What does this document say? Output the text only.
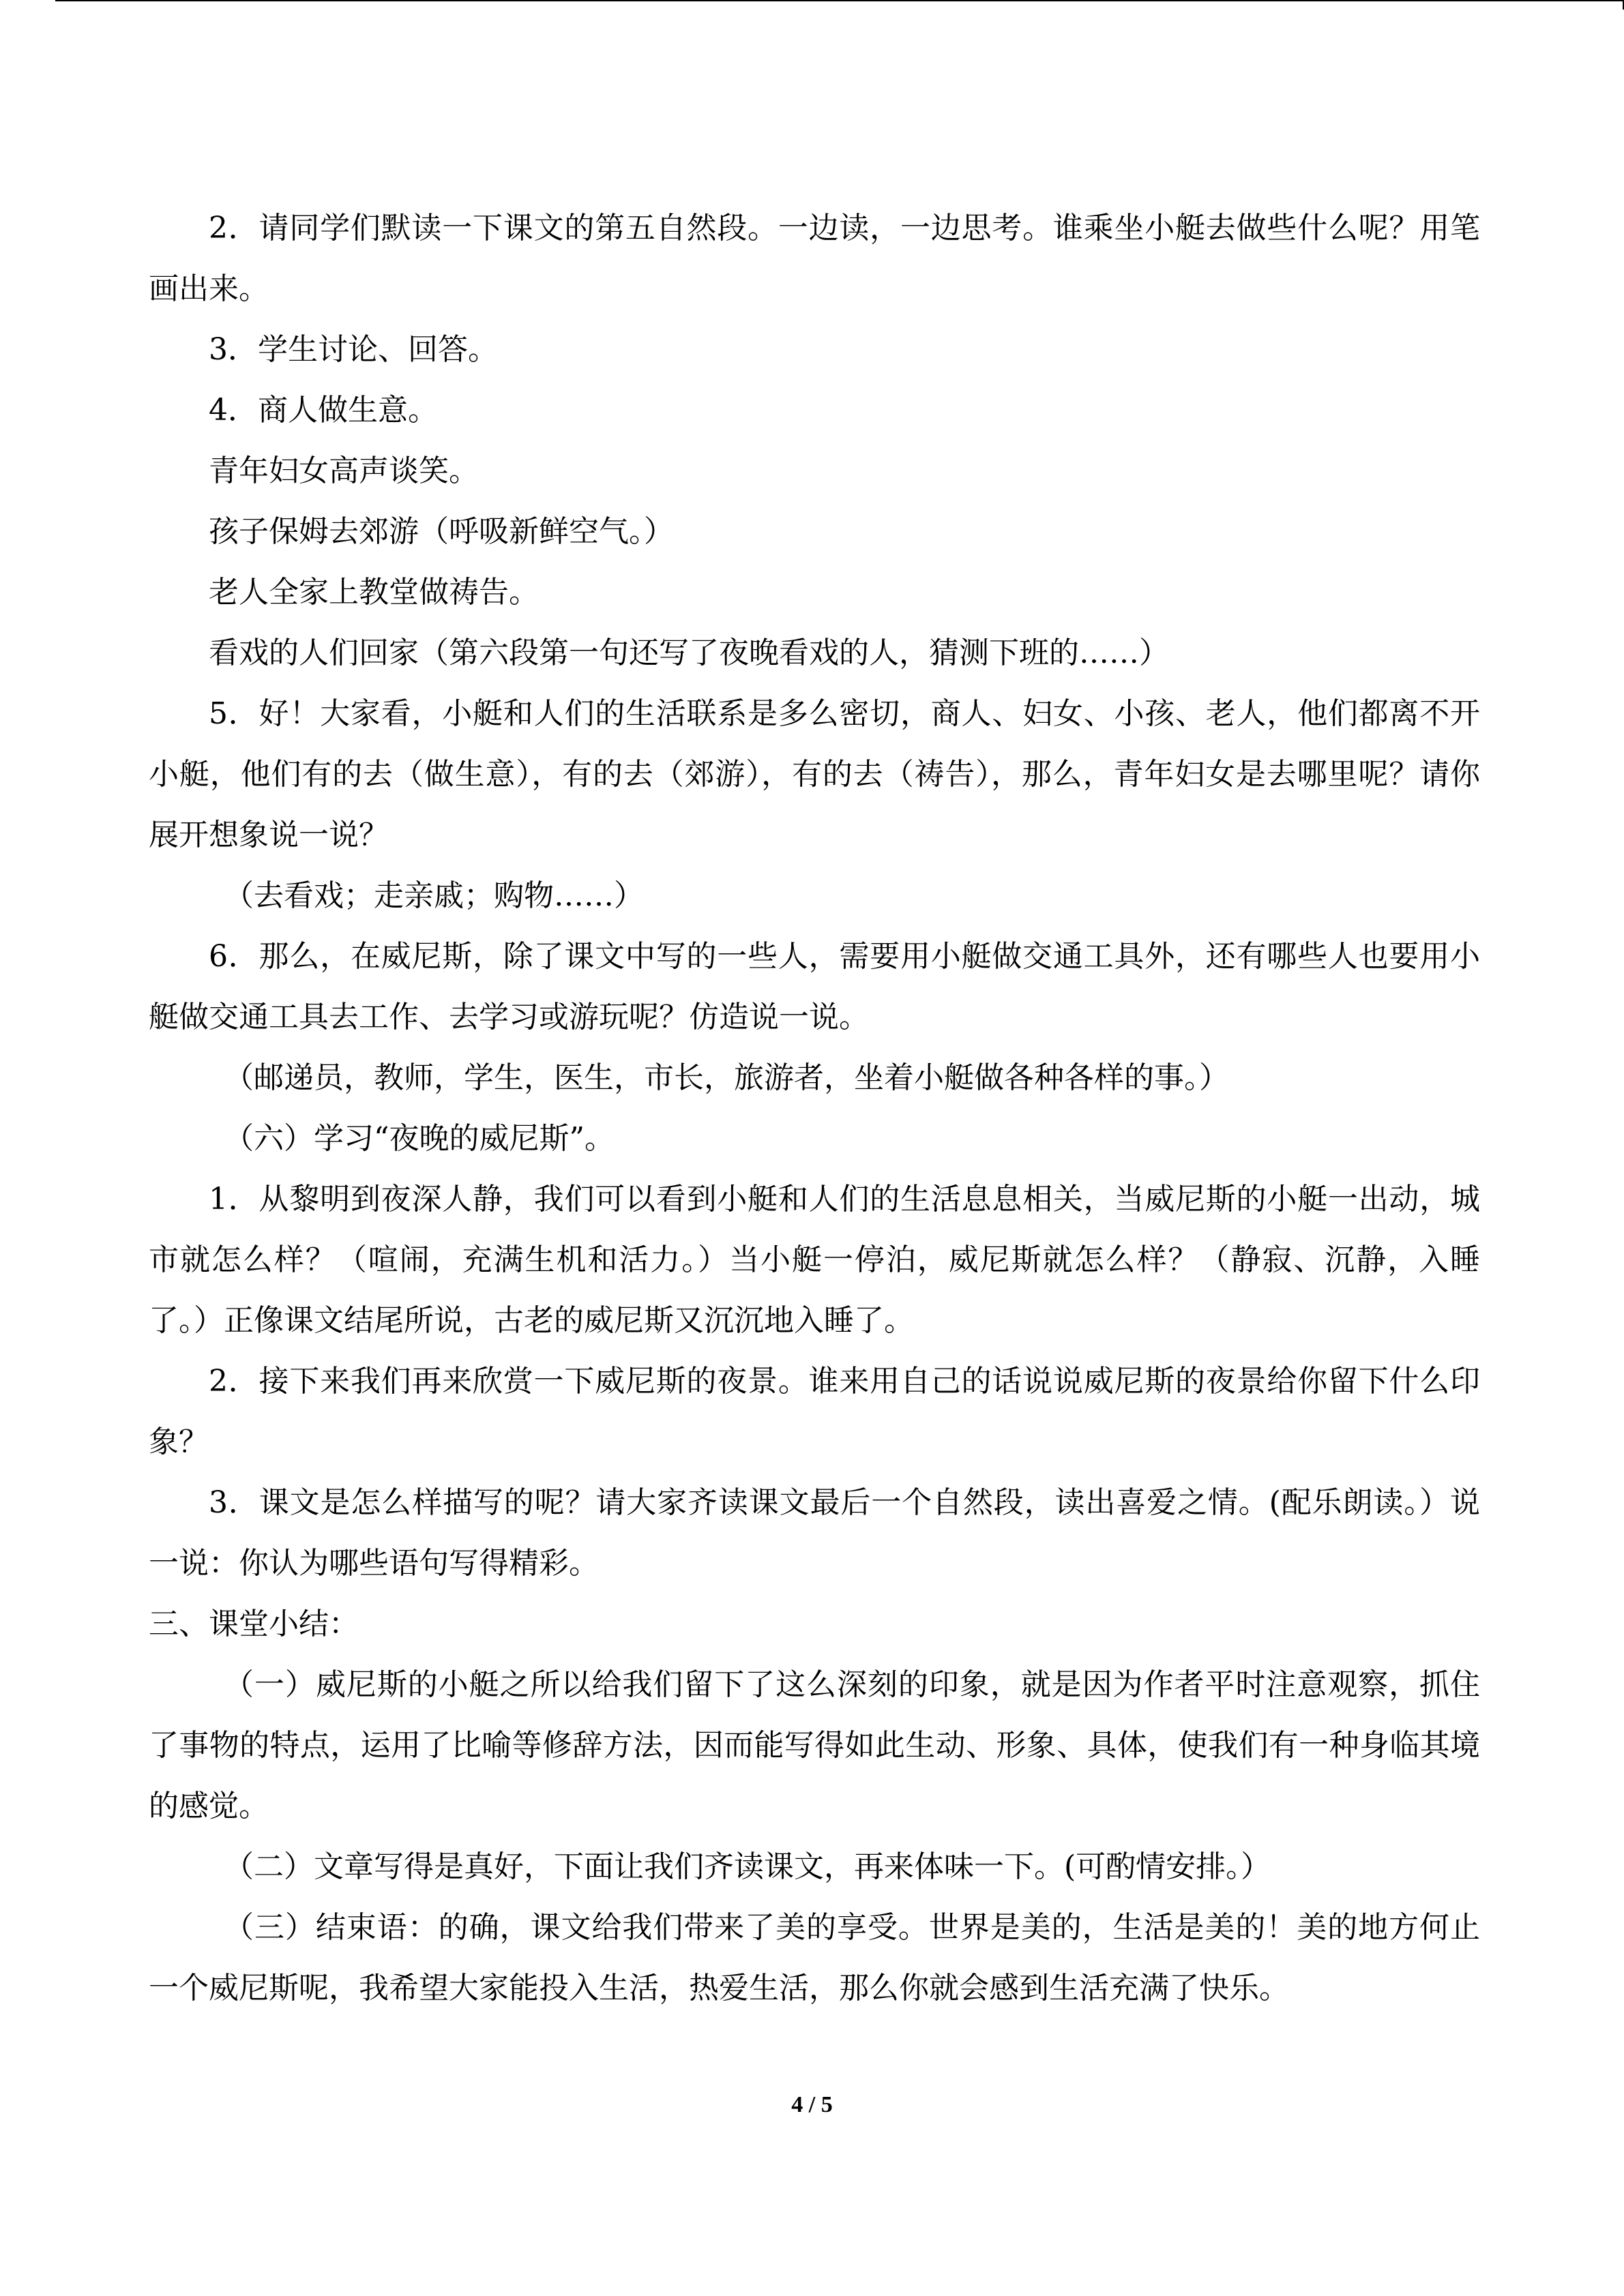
2．请同学们默读一下课文的第五自然段。一边读，一边思考。谁乘坐小艇去做些什么呢？用笔画出来。

3．学生讨论、回答。

4．商人做生意。

青年妇女高声谈笑。

孩子保姆去郊游（呼吸新鲜空气。）

老人全家上教堂做祷告。

看戏的人们回家（第六段第一句还写了夜晚看戏的人，猜测下班的……）

5．好！大家看，小艇和人们的生活联系是多么密切，商人、妇女、小孩、老人，他们都离不开小艇，他们有的去（做生意），有的去（郊游），有的去（祷告），那么，青年妇女是去哪里呢？请你展开想象说一说？

（去看戏；走亲戚；购物……）

6．那么，在威尼斯，除了课文中写的一些人，需要用小艇做交通工具外，还有哪些人也要用小艇做交通工具去工作、去学习或游玩呢？仿造说一说。

（邮递员，教师，学生，医生，市长，旅游者，坐着小艇做各种各样的事。）

（六）学习“夜晚的威尼斯”。

1．从黎明到夜深人静，我们可以看到小艇和人们的生活息息相关，当威尼斯的小艇一出动，城市就怎么样？（喧闹，充满生机和活力。）当小艇一停泊，威尼斯就怎么样？（静寂、沉静，入睡了。）正像课文结尾所说，古老的威尼斯又沉沉地入睡了。

2．接下来我们再来欣赏一下威尼斯的夜景。谁来用自己的话说说威尼斯的夜景给你留下什么印象？

3．课文是怎么样描写的呢？请大家齐读课文最后一个自然段，读出喜爱之情。(配乐朗读。）说一说：你认为哪些语句写得精彩。

三、课堂小结：

（一）威尼斯的小艇之所以给我们留下了这么深刻的印象，就是因为作者平时注意观察，抓住了事物的特点，运用了比喻等修辞方法，因而能写得如此生动、形象、具体，使我们有一种身临其境的感觉。

（二）文章写得是真好，下面让我们齐读课文，再来体味一下。(可酌情安排。）

（三）结束语：的确，课文给我们带来了美的享受。世界是美的，生活是美的！美的地方何止一个威尼斯呢，我希望大家能投入生活，热爱生活，那么你就会感到生活充满了快乐。

4 / 5
